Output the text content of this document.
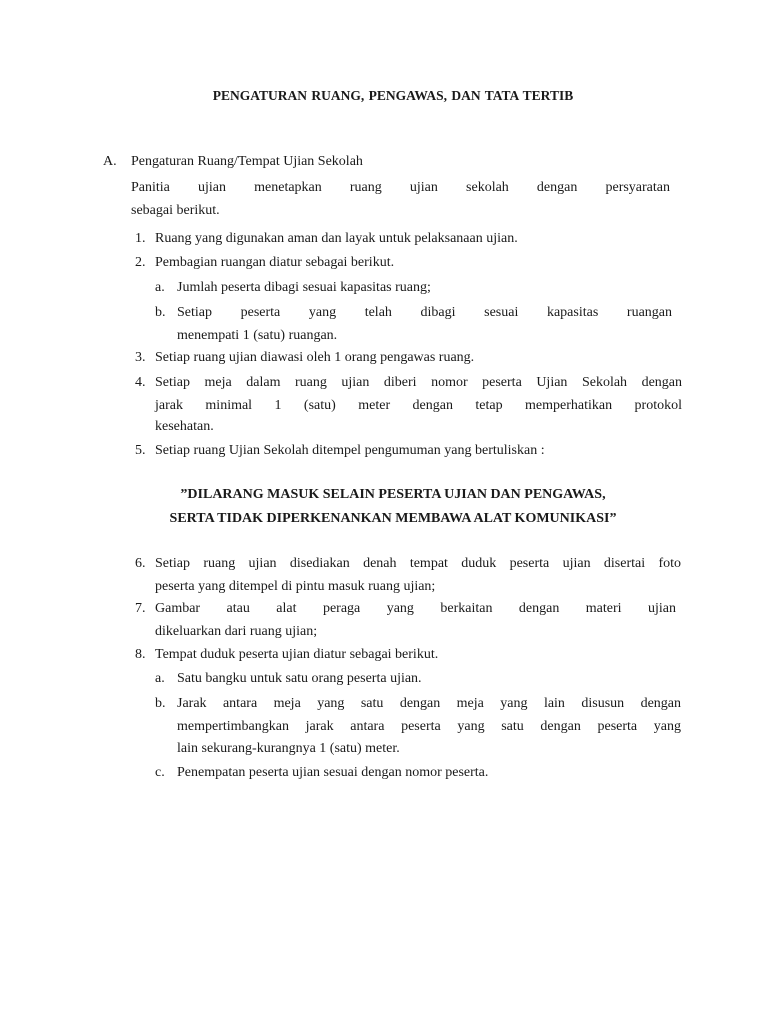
PENGATURAN RUANG, PENGAWAS, DAN TATA TERTIB
A. Pengaturan Ruang/Tempat Ujian Sekolah
Panitia ujian menetapkan ruang ujian sekolah dengan persyaratan
sebagai berikut.
1. Ruang yang digunakan aman dan layak untuk pelaksanaan ujian.
2. Pembagian ruangan diatur sebagai berikut.
a. Jumlah peserta dibagi sesuai kapasitas ruang;
b. Setiap peserta yang telah dibagi sesuai kapasitas ruangan
menempati 1 (satu) ruangan.
3. Setiap ruang ujian diawasi oleh 1 orang pengawas ruang.
4. Setiap meja dalam ruang ujian diberi nomor peserta Ujian Sekolah dengan
jarak minimal 1 (satu) meter dengan tetap memperhatikan protokol
kesehatan.
5. Setiap ruang Ujian Sekolah ditempel pengumuman yang bertuliskan :
”DILARANG MASUK SELAIN PESERTA UJIAN DAN PENGAWAS,
SERTA TIDAK DIPERKENANKAN MEMBAWA ALAT KOMUNIKASI”
6. Setiap ruang ujian disediakan denah tempat duduk peserta ujian disertai foto
peserta yang ditempel di pintu masuk ruang ujian;
7. Gambar atau alat peraga yang berkaitan dengan materi ujian
dikeluarkan dari ruang ujian;
8. Tempat duduk peserta ujian diatur sebagai berikut.
a. Satu bangku untuk satu orang peserta ujian.
b. Jarak antara meja yang satu dengan meja yang lain disusun dengan
mempertimbangkan jarak antara peserta yang satu dengan peserta yang
lain sekurang-kurangnya 1 (satu) meter.
c. Penempatan peserta ujian sesuai dengan nomor peserta.
